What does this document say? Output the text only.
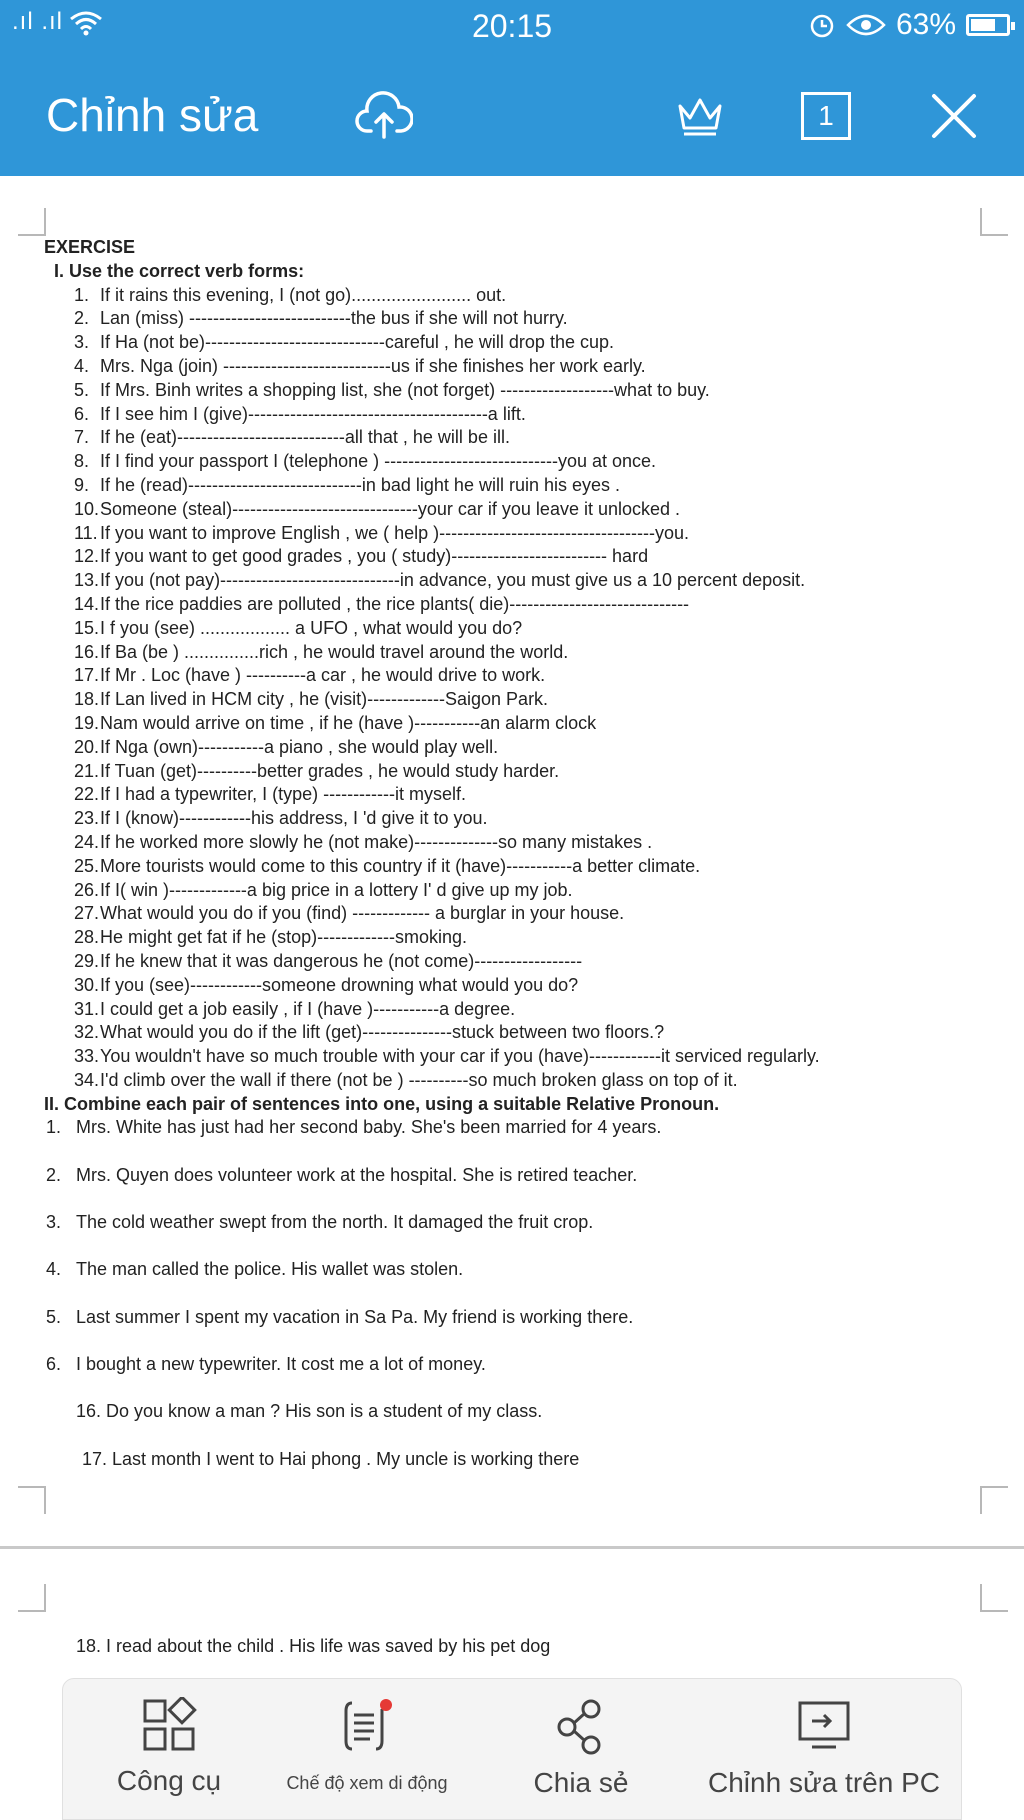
.ıl .ıl	20:15	63%
Chỉnh sửa	1
EXERCISE
I. Use the correct verb forms:
1. If it rains this evening, I (not go)........................ out.
2. Lan (miss) ---------------------------the bus if she will not hurry.
3. If Ha (not be)------------------------------careful , he will drop the cup.
4. Mrs. Nga (join) ----------------------------us if she finishes her work early.
5. If Mrs. Binh writes a shopping list, she (not forget) -------------------what to buy.
6. If I see him I (give)----------------------------------------a lift.
7. If he (eat)----------------------------all that , he will be ill.
8. If I find your passport I (telephone ) -----------------------------you at once.
9. If he (read)-----------------------------in bad light he will ruin his eyes .
10.Someone (steal)-------------------------------your car if you leave it unlocked .
11. If you want to improve English , we ( help )------------------------------------you.
12.If you want to get good grades , you ( study)-------------------------- hard
13.If you (not pay)------------------------------in advance, you must give us a 10 percent deposit.
14.If the rice paddies are polluted , the rice plants( die)------------------------------
15.I f you (see) .................. a UFO , what would you do?
16.If Ba (be ) ...............rich , he would travel around the world.
17.If Mr . Loc (have ) ----------a car , he would drive to work.
18.If Lan lived in HCM city , he (visit)-------------Saigon Park.
19.Nam would arrive on time , if he (have )-----------an alarm clock
20.If Nga (own)-----------a piano , she would play well.
21.If Tuan (get)----------better grades , he would study harder.
22.If I had a typewriter, I (type) ------------it myself.
23.If I (know)------------his address, I 'd give it to you.
24.If he worked more slowly he (not make)--------------so many mistakes .
25.More tourists would come to this country if it (have)-----------a better climate.
26.If I( win )-------------a big price in a lottery I' d give up my job.
27.What would you do if you (find) ------------- a burglar in your house.
28.He might get fat if he (stop)-------------smoking.
29.If he knew that it was dangerous he (not come)------------------
30.If you (see)------------someone drowning what would you do?
31.I could get a job easily , if I (have )-----------a degree.
32.What would you do if the lift (get)---------------stuck between two floors.?
33.You wouldn't have so much trouble with your car if you (have)------------it serviced regularly.
34.I'd climb over the wall if there (not be ) ----------so much broken glass on top of it.
II. Combine each pair of sentences into one, using a suitable Relative Pronoun.
1. Mrs. White has just had her second baby. She's been married for 4 years.
2. Mrs. Quyen does volunteer work at the hospital. She is retired teacher.
3. The cold weather swept from the north. It damaged the fruit crop.
4. The man called the police. His wallet was stolen.
5. Last summer I spent my vacation in Sa Pa. My friend is working there.
6. I bought a new typewriter. It cost me a lot of money.
16. Do you know a man ? His son is a student of my class.
17. Last month I went to Hai phong . My uncle is working there
18. I read about the child . His life was saved by his pet dog
Công cụ	Chế độ xem di động	Chia sẻ	Chỉnh sửa trên PC
